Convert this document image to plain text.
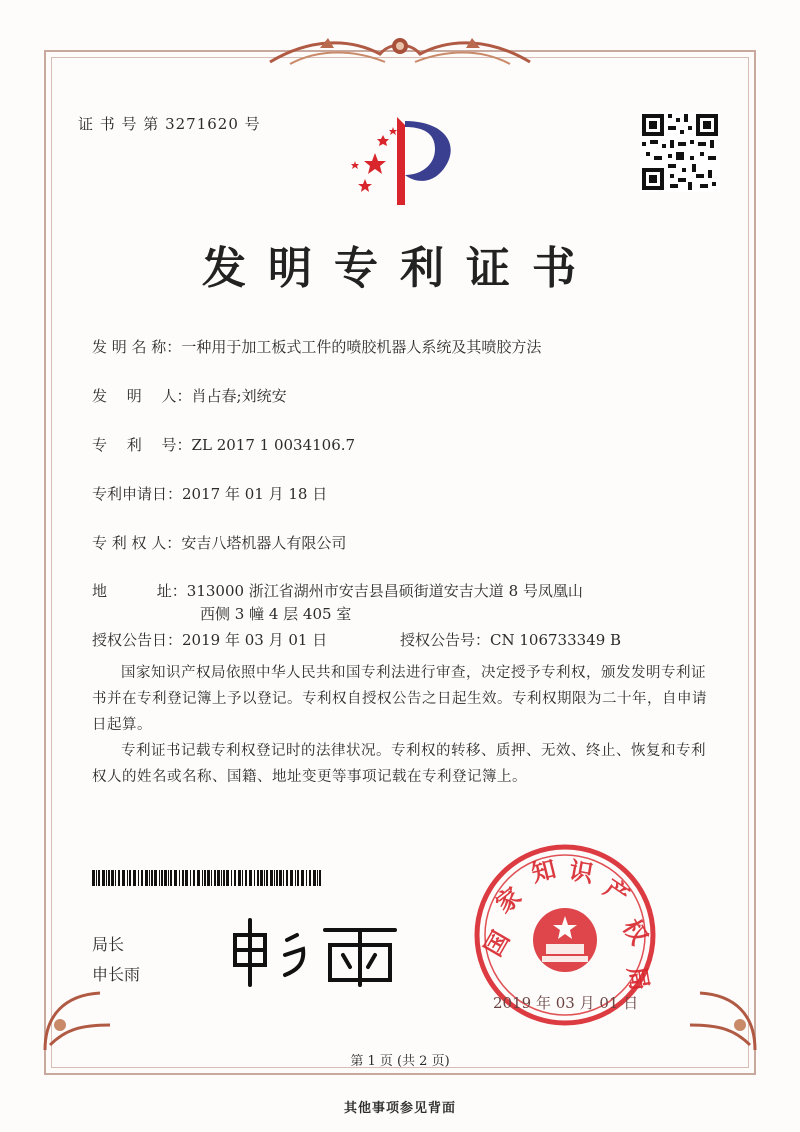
证 书 号 第 3271620 号
发明专利证书
发 明 名 称：一种用于加工板式工件的喷胶机器人系统及其喷胶方法
发　 明　 人：肖占春;刘统安
专　 利　 号：ZL 2017 1 0034106.7
专利申请日：2017 年 01 月 18 日
专 利 权 人：安吉八塔机器人有限公司
地　　　 址：313000 浙江省湖州市安吉县昌硕街道安吉大道 8 号凤凰山
西侧 3 幢 4 层 405 室
授权公告日：2019 年 03 月 01 日	授权公告号：CN 106733349 B
国家知识产权局依照中华人民共和国专利法进行审查，决定授予专利权，颁发发明专利证书并在专利登记簿上予以登记。专利权自授权公告之日起生效。专利权期限为二十年，自申请日起算。
专利证书记载专利权登记时的法律状况。专利权的转移、质押、无效、终止、恢复和专利权人的姓名或名称、国籍、地址变更等事项记载在专利登记簿上。
局长
申长雨
国
家
知 识
产
权
局
2019 年 03 月 01 日
第 1 页 (共 2 页)
其他事项参见背面
